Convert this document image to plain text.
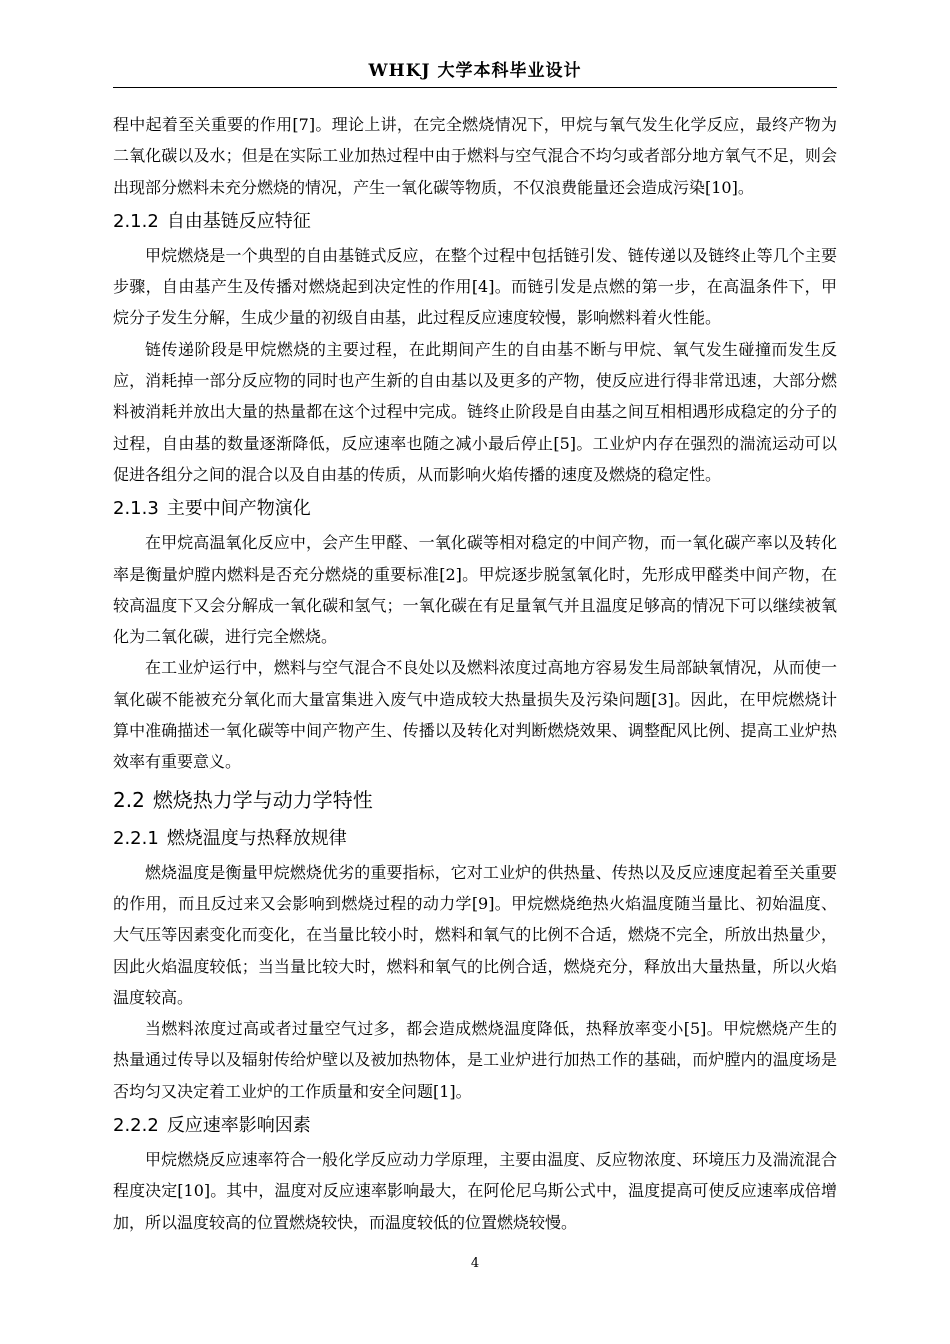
WHKJ 大学本科毕业设计

程中起着至关重要的作用[7]。理论上讲，在完全燃烧情况下，甲烷与氧气发生化学反应，最终产物为二氧化碳以及水；但是在实际工业加热过程中由于燃料与空气混合不均匀或者部分地方氧气不足，则会出现部分燃料未充分燃烧的情况，产生一氧化碳等物质，不仅浪费能量还会造成污染[10]。

2.1.2 自由基链反应特征

甲烷燃烧是一个典型的自由基链式反应，在整个过程中包括链引发、链传递以及链终止等几个主要步骤，自由基产生及传播对燃烧起到决定性的作用[4]。而链引发是点燃的第一步，在高温条件下，甲烷分子发生分解，生成少量的初级自由基，此过程反应速度较慢，影响燃料着火性能。

链传递阶段是甲烷燃烧的主要过程，在此期间产生的自由基不断与甲烷、氧气发生碰撞而发生反应，消耗掉一部分反应物的同时也产生新的自由基以及更多的产物，使反应进行得非常迅速，大部分燃料被消耗并放出大量的热量都在这个过程中完成。链终止阶段是自由基之间互相相遇形成稳定的分子的过程，自由基的数量逐渐降低，反应速率也随之减小最后停止[5]。工业炉内存在强烈的湍流运动可以促进各组分之间的混合以及自由基的传质，从而影响火焰传播的速度及燃烧的稳定性。

2.1.3 主要中间产物演化

在甲烷高温氧化反应中，会产生甲醛、一氧化碳等相对稳定的中间产物，而一氧化碳产率以及转化率是衡量炉膛内燃料是否充分燃烧的重要标准[2]。甲烷逐步脱氢氧化时，先形成甲醛类中间产物，在较高温度下又会分解成一氧化碳和氢气；一氧化碳在有足量氧气并且温度足够高的情况下可以继续被氧化为二氧化碳，进行完全燃烧。

在工业炉运行中，燃料与空气混合不良处以及燃料浓度过高地方容易发生局部缺氧情况，从而使一氧化碳不能被充分氧化而大量富集进入废气中造成较大热量损失及污染问题[3]。因此，在甲烷燃烧计算中准确描述一氧化碳等中间产物产生、传播以及转化对判断燃烧效果、调整配风比例、提高工业炉热效率有重要意义。

2.2 燃烧热力学与动力学特性
2.2.1 燃烧温度与热释放规律

燃烧温度是衡量甲烷燃烧优劣的重要指标，它对工业炉的供热量、传热以及反应速度起着至关重要的作用，而且反过来又会影响到燃烧过程的动力学[9]。甲烷燃烧绝热火焰温度随当量比、初始温度、大气压等因素变化而变化，在当量比较小时，燃料和氧气的比例不合适，燃烧不完全，所放出热量少，因此火焰温度较低；当当量比较大时，燃料和氧气的比例合适，燃烧充分，释放出大量热量，所以火焰温度较高。

当燃料浓度过高或者过量空气过多，都会造成燃烧温度降低，热释放率变小[5]。甲烷燃烧产生的热量通过传导以及辐射传给炉壁以及被加热物体，是工业炉进行加热工作的基础，而炉膛内的温度场是否均匀又决定着工业炉的工作质量和安全问题[1]。

2.2.2 反应速率影响因素

甲烷燃烧反应速率符合一般化学反应动力学原理，主要由温度、反应物浓度、环境压力及湍流混合程度决定[10]。其中，温度对反应速率影响最大，在阿伦尼乌斯公式中，温度提高可使反应速率成倍增加，所以温度较高的位置燃烧较快，而温度较低的位置燃烧较慢。

4
